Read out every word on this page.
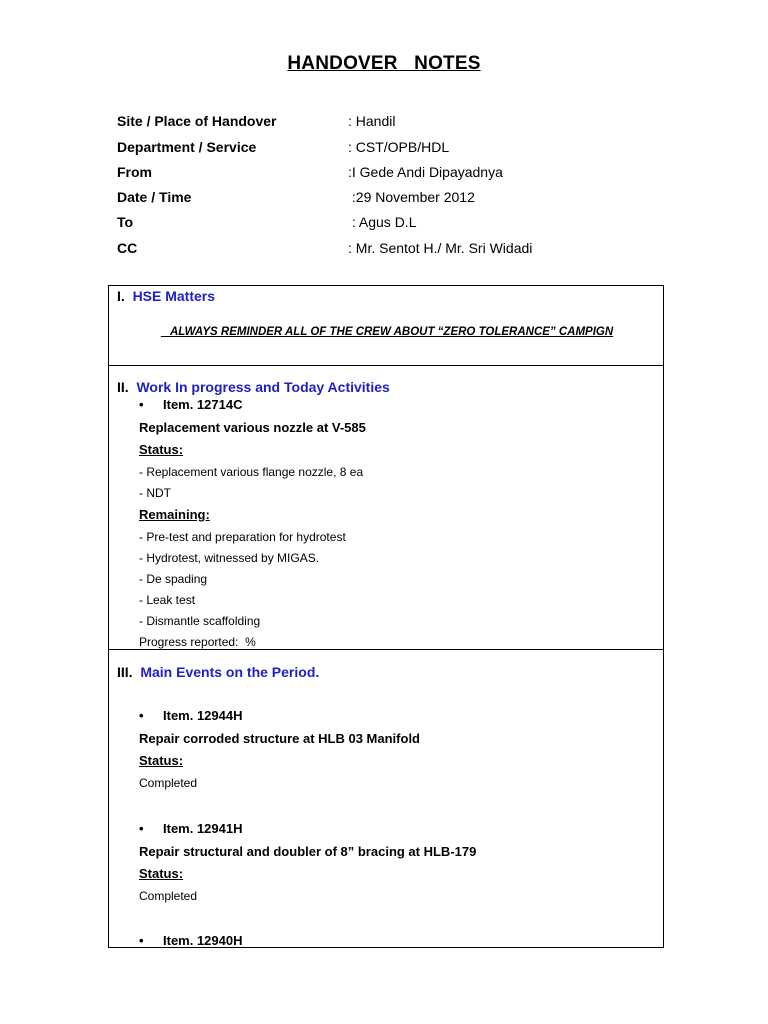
HANDOVER   NOTES
Site / Place of Handover	: Handil
Department / Service	: CST/OPB/HDL
From	:I Gede Andi Dipayadnya
Date / Time	:29 November 2012
To	: Agus D.L
CC	: Mr. Sentot H./ Mr. Sri Widadi
I. HSE Matters
ALWAYS REMINDER ALL OF THE CREW ABOUT “ZERO TOLERANCE” CAMPIGN
II. Work In progress and Today Activities
• Item. 12714C
Replacement various nozzle at V-585
Status:
- Replacement various flange nozzle, 8 ea
- NDT
Remaining:
- Pre-test and preparation for hydrotest
- Hydrotest, witnessed by MIGAS.
- De spading
- Leak test
- Dismantle scaffolding
Progress reported:  %
III. Main Events on the Period.
• Item. 12944H
Repair corroded structure at HLB 03 Manifold
Status:
Completed
• Item. 12941H
Repair structural and doubler of 8” bracing at HLB-179
Status:
Completed
• Item. 12940H
